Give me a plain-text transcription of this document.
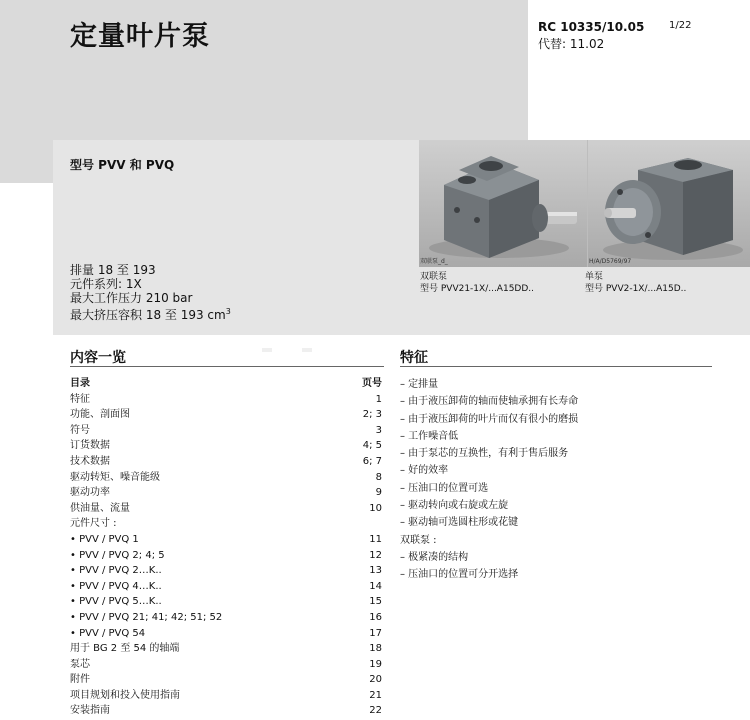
定量叶片泵	RC 10335/10.05 1/22
代替: 11.02
型号 PVV 和 PVQ
排量 18 至 193
元件系列: 1X
最大工作压力 210 bar
最大挤压容积 18 至 193 $cm^3$
双联泵_d_	H/A/D5769/97
双联泵
型号 PVV21-1X/...A15DD..
单泵
型号 PVV2-1X/...A15D..
内容一览	特征
目录	页号
特征	1
功能、剖面图	2; 3
符号	3
订货数据	4; 5
技术数据	6; 7
驱动转矩、噪音能级	8
驱动功率	9
供油量、流量	10
元件尺寸 :
• PVV / PVQ 1	11
• PVV / PVQ 2; 4; 5	12
• PVV / PVQ 2…K..	13
• PVV / PVQ 4…K..	14
• PVV / PVQ 5…K..	15
• PVV / PVQ 21; 41; 42; 51; 52	16
• PVV / PVQ 54	17
用于 BG 2 至 54 的轴端	18
泵芯	19
附件	20
项目规划和投入使用指南	21
安装指南	22
– 定排量
– 由于液压卸荷的轴而使轴承拥有长寿命
– 由于液压卸荷的叶片而仅有很小的磨损
– 工作噪音低
– 由于泵芯的互换性，有利于售后服务
– 好的效率
– 压油口的位置可选
– 驱动转向或右旋或左旋
– 驱动轴可选圆柱形或花键
双联泵 :
– 极紧凑的结构
– 压油口的位置可分开选择
